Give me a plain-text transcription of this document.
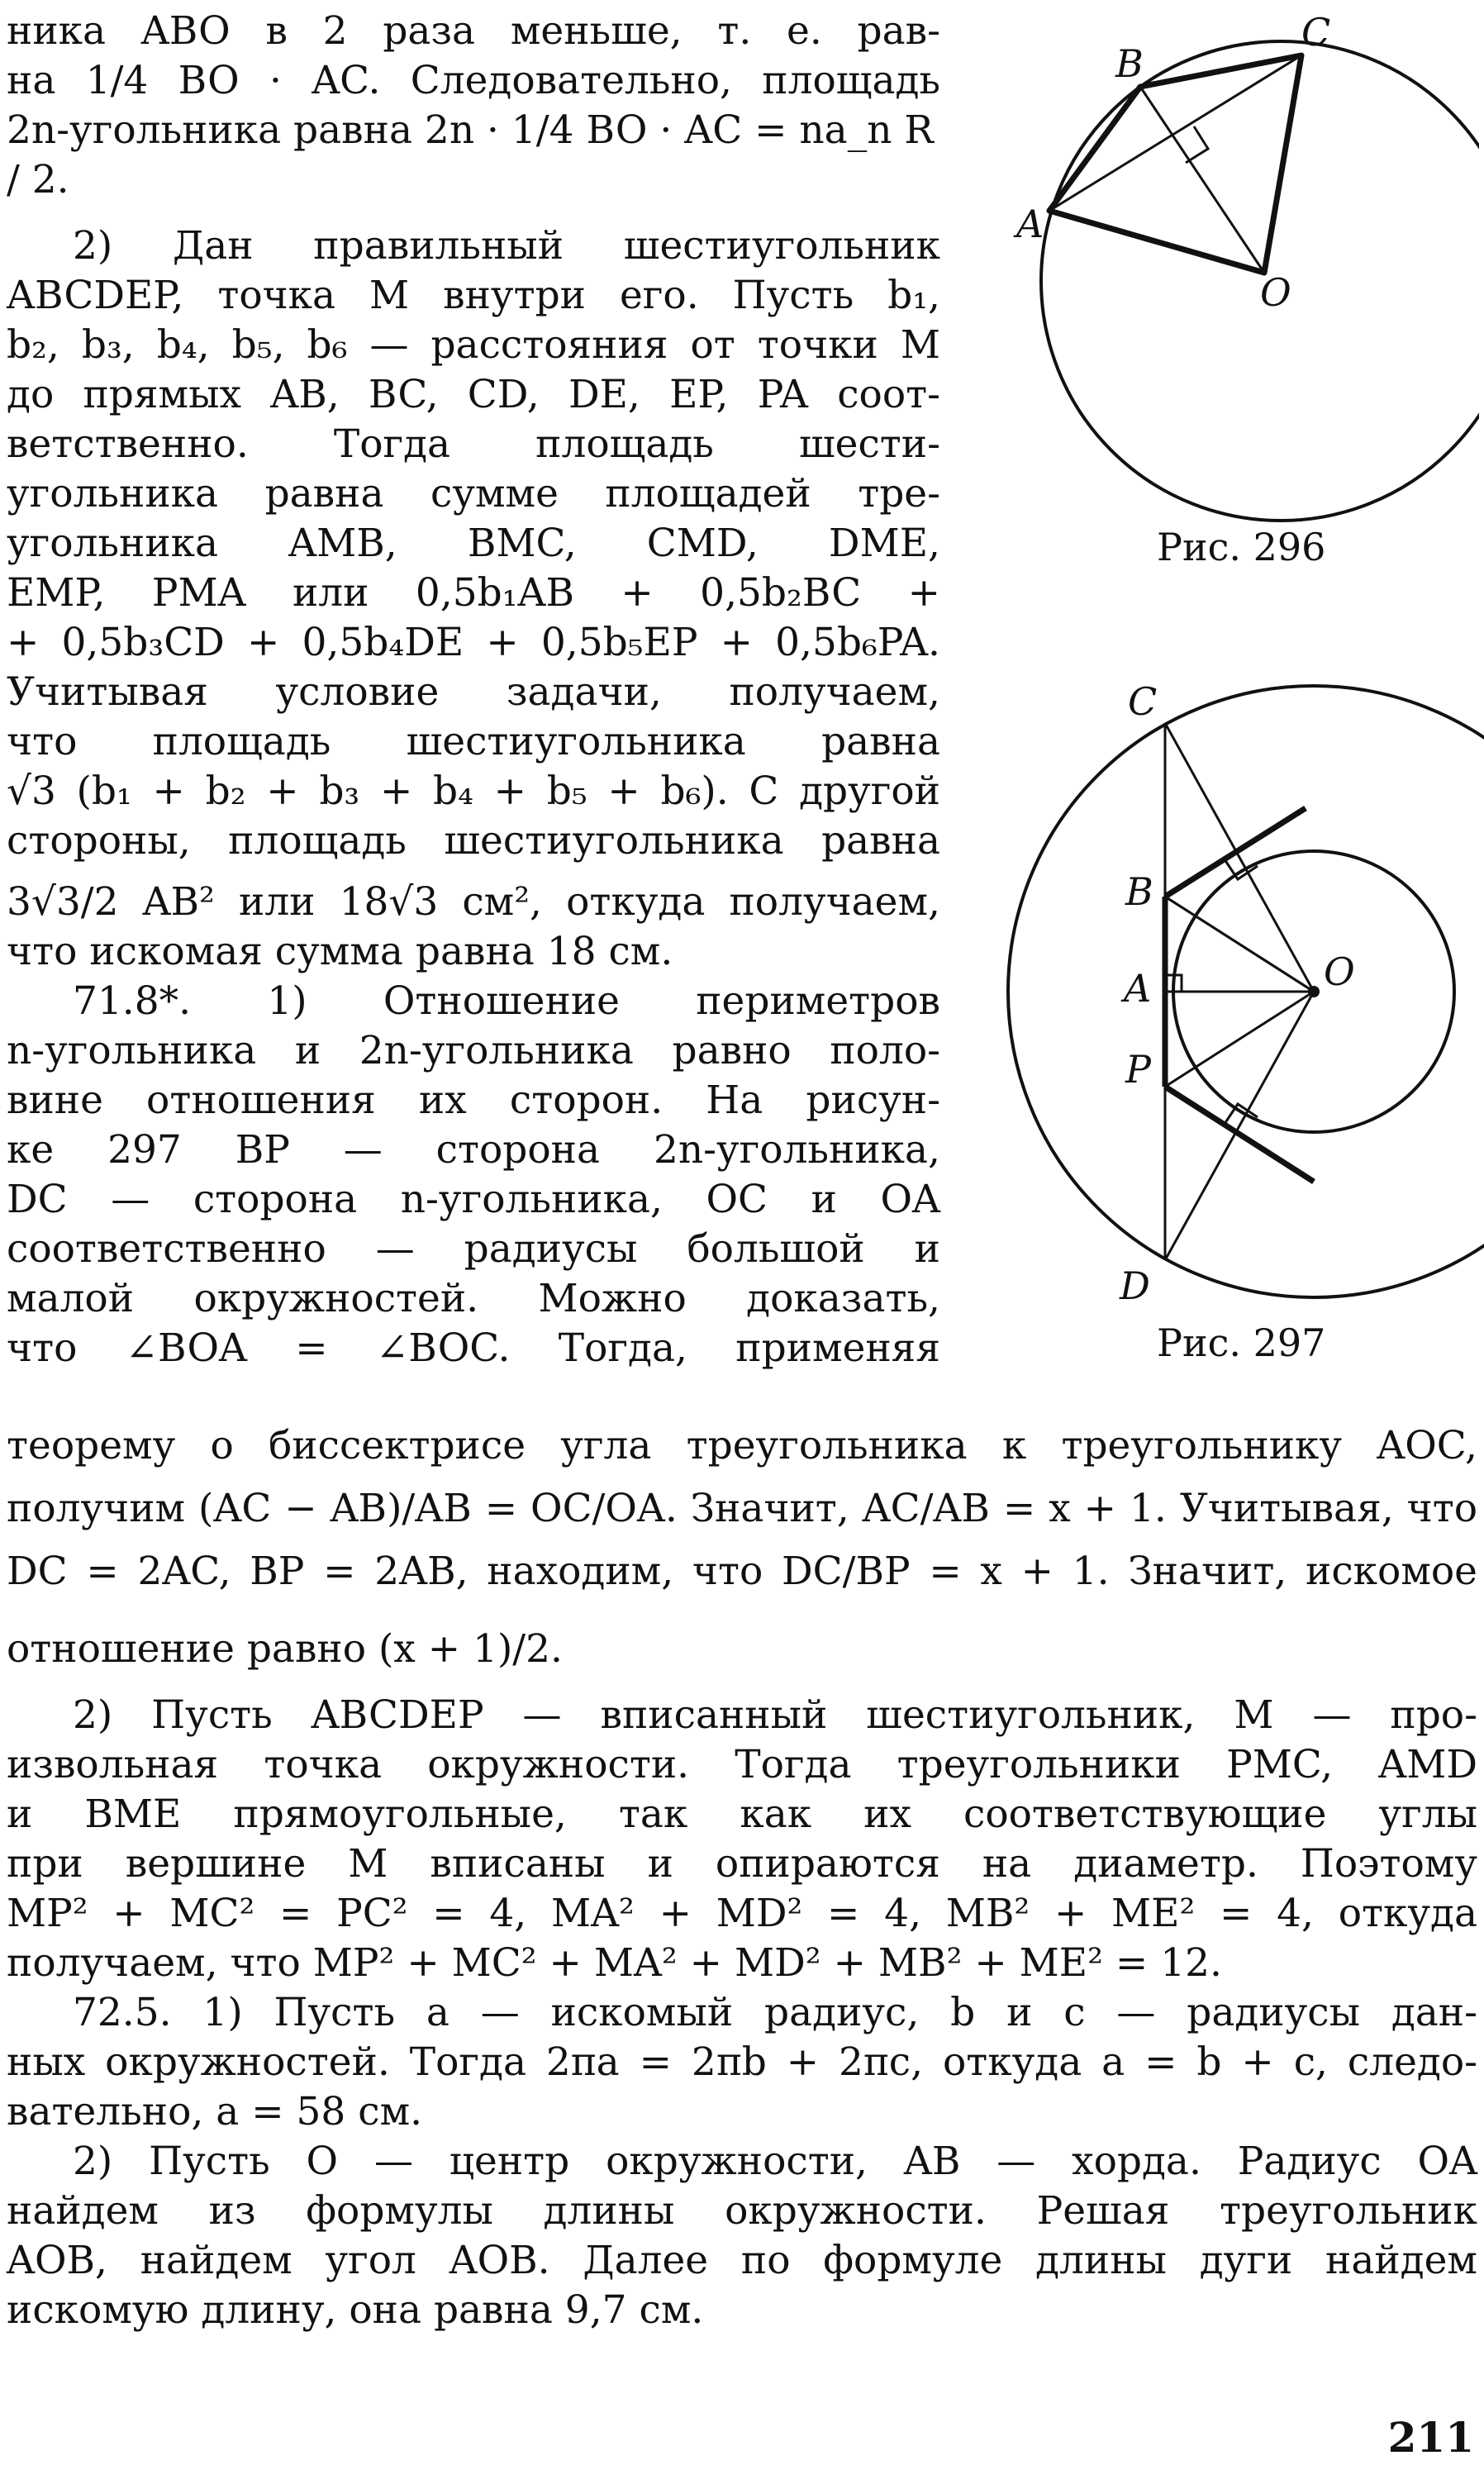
ника ABO в 2 раза меньше, т. е. рав-

на 1/4 BO · AC. Следовательно, площадь

2n-угольника равна 2n · 1/4 BO · AC = na_n R / 2.

2) Дан правильный шестиугольник

ABCDEP, точка M внутри его. Пусть b₁,

b₂, b₃, b₄, b₅, b₆ — расстояния от точки M

до прямых AB, BC, CD, DE, EP, PA соот-

ветственно. Тогда площадь шести-

угольника равна сумме площадей тре-

угольника AMB, BMC, CMD, DME,

EMP, PMA или 0,5b₁AB + 0,5b₂BC +

+ 0,5b₃CD + 0,5b₄DE + 0,5b₅EP + 0,5b₆PA.

Учитывая условие задачи, получаем,

что площадь шестиугольника равна

√3 (b₁ + b₂ + b₃ + b₄ + b₅ + b₆). С другой

стороны, площадь шестиугольника равна

3√3/2 AB² или 18√3 см², откуда получаем,

что искомая сумма равна 18 см.

71.8*. 1) Отношение периметров

n-угольника и 2n-угольника равно поло-

вине отношения их сторон. На рисун-

ке 297 BP — сторона 2n-угольника,

DC — сторона n-угольника, OC и OA

соответственно — радиусы большой и

малой окружностей. Можно доказать,

что ∠BOA = ∠BOC. Тогда, применяя

теорему о биссектрисе угла треугольника к треугольнику AOC,

получим (AC − AB)/AB = OC/OA. Значит, AC/AB = x + 1. Учитывая, что

DC = 2AC, BP = 2AB, находим, что DC/BP = x + 1. Значит, искомое

отношение равно (x + 1)/2.

2) Пусть ABCDEP — вписанный шестиугольник, M — про-

извольная точка окружности. Тогда треугольники PMC, AMD

и BME прямоугольные, так как их соответствующие углы

при вершине M вписаны и опираются на диаметр. Поэтому

MP² + MC² = PC² = 4, MA² + MD² = 4, MB² + ME² = 4, откуда

получаем, что MP² + MC² + MA² + MD² + MB² + ME² = 12.

72.5. 1) Пусть a — искомый радиус, b и c — радиусы дан-

ных окружностей. Тогда 2πa = 2πb + 2πc, откуда a = b + c, следо-

вательно, a = 58 см.

2) Пусть O — центр окружности, AB — хорда. Радиус OA

найдем из формулы длины окружности. Решая треугольник

AOB, найдем угол AOB. Далее по формуле длины дуги найдем

искомую длину, она равна 9,7 см.

A
B
C
O
Рис. 296
C
B
A
P
D
O
Рис. 297
211
